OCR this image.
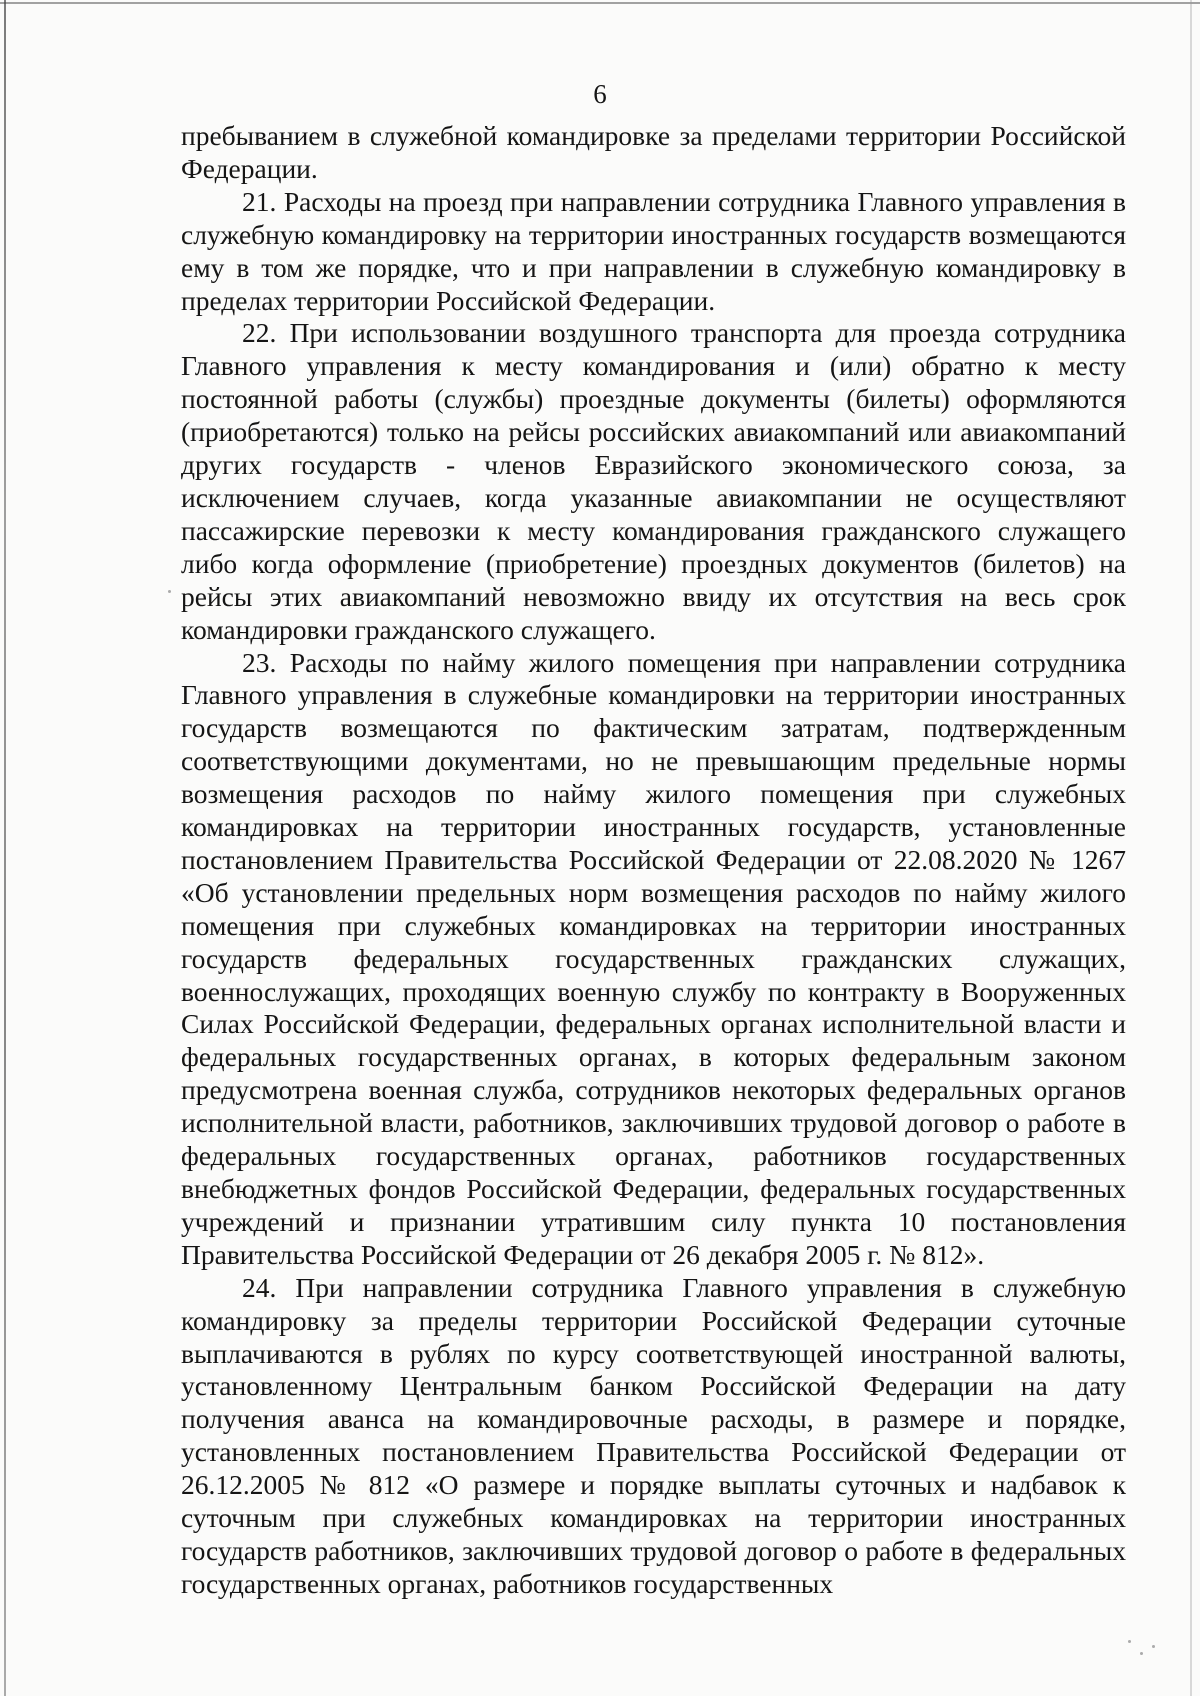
6

пребыванием в служебной командировке за пределами территории Российской Федерации.

21. Расходы на проезд при направлении сотрудника Главного управления в служебную командировку на территории иностранных государств возмещаются ему в том же порядке, что и при направлении в служебную командировку в пределах территории Российской Федерации.

22. При использовании воздушного транспорта для проезда сотрудника Главного управления к месту командирования и (или) обратно к месту постоянной работы (службы) проездные документы (билеты) оформляются (приобретаются) только на рейсы российских авиакомпаний или авиакомпаний других государств - членов Евразийского экономического союза, за исключением случаев, когда указанные авиакомпании не осуществляют пассажирские перевозки к месту командирования гражданского служащего либо когда оформление (приобретение) проездных документов (билетов) на рейсы этих авиакомпаний невозможно ввиду их отсутствия на весь срок командировки гражданского служащего.

23. Расходы по найму жилого помещения при направлении сотрудника Главного управления в служебные командировки на территории иностранных государств возмещаются по фактическим затратам, подтвержденным соответствующими документами, но не превышающим предельные нормы возмещения расходов по найму жилого помещения при служебных командировках на территории иностранных государств, установленные постановлением Правительства Российской Федерации от 22.08.2020 № 1267 «Об установлении предельных норм возмещения расходов по найму жилого помещения при служебных командировках на территории иностранных государств федеральных государственных гражданских служащих, военнослужащих, проходящих военную службу по контракту в Вооруженных Силах Российской Федерации, федеральных органах исполнительной власти и федеральных государственных органах, в которых федеральным законом предусмотрена военная служба, сотрудников некоторых федеральных органов исполнительной власти, работников, заключивших трудовой договор о работе в федеральных государственных органах, работников государственных внебюджетных фондов Российской Федерации, федеральных государственных учреждений и признании утратившим силу пункта 10 постановления Правительства Российской Федерации от 26 декабря 2005 г. № 812».

24. При направлении сотрудника Главного управления в служебную командировку за пределы территории Российской Федерации суточные выплачиваются в рублях по курсу соответствующей иностранной валюты, установленному Центральным банком Российской Федерации на дату получения аванса на командировочные расходы, в размере и порядке, установленных постановлением Правительства Российской Федерации от 26.12.2005 № 812 «О размере и порядке выплаты суточных и надбавок к суточным при служебных командировках на территории иностранных государств работников, заключивших трудовой договор о работе в федеральных государственных органах, работников государственных
